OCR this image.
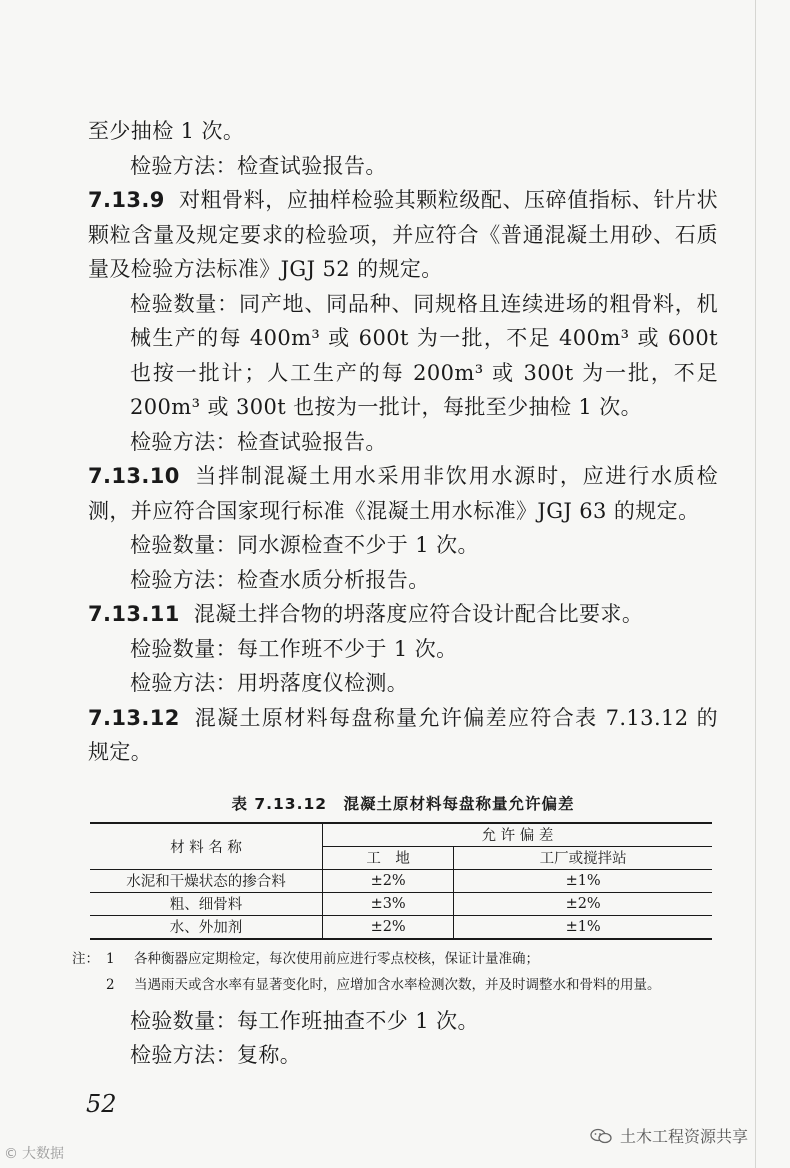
至少抽检 1 次。

检验方法：检查试验报告。

7.13.9 对粗骨料，应抽样检验其颗粒级配、压碎值指标、针片状颗粒含量及规定要求的检验项，并应符合《普通混凝土用砂、石质量及检验方法标准》JGJ 52 的规定。

检验数量：同产地、同品种、同规格且连续进场的粗骨料，机械生产的每 400m³ 或 600t 为一批，不足 400m³ 或 600t 也按一批计；人工生产的每 200m³ 或 300t 为一批，不足 200m³ 或 300t 也按为一批计，每批至少抽检 1 次。

检验方法：检查试验报告。

7.13.10 当拌制混凝土用水采用非饮用水源时，应进行水质检测，并应符合国家现行标准《混凝土用水标准》JGJ 63 的规定。

检验数量：同水源检查不少于 1 次。

检验方法：检查水质分析报告。

7.13.11 混凝土拌合物的坍落度应符合设计配合比要求。

检验数量：每工作班不少于 1 次。

检验方法：用坍落度仪检测。

7.13.12 混凝土原材料每盘称量允许偏差应符合表 7.13.12 的规定。

表 7.13.12　混凝土原材料每盘称量允许偏差
材 料 名 称	允 许 偏 差	
	工　地	工厂或搅拌站
水泥和干燥状态的掺合料	±2%	±1%
粗、细骨料	±3%	±2%
水、外加剂	±2%	±1%
注： 1	各种衡器应定期检定，每次使用前应进行零点校核，保证计量准确；
2	当遇雨天或含水率有显著变化时，应增加含水率检测次数，并及时调整水和骨料的用量。

检验数量：每工作班抽查不少 1 次。

检验方法：复称。

52
© 大数据
土木工程资源共享
